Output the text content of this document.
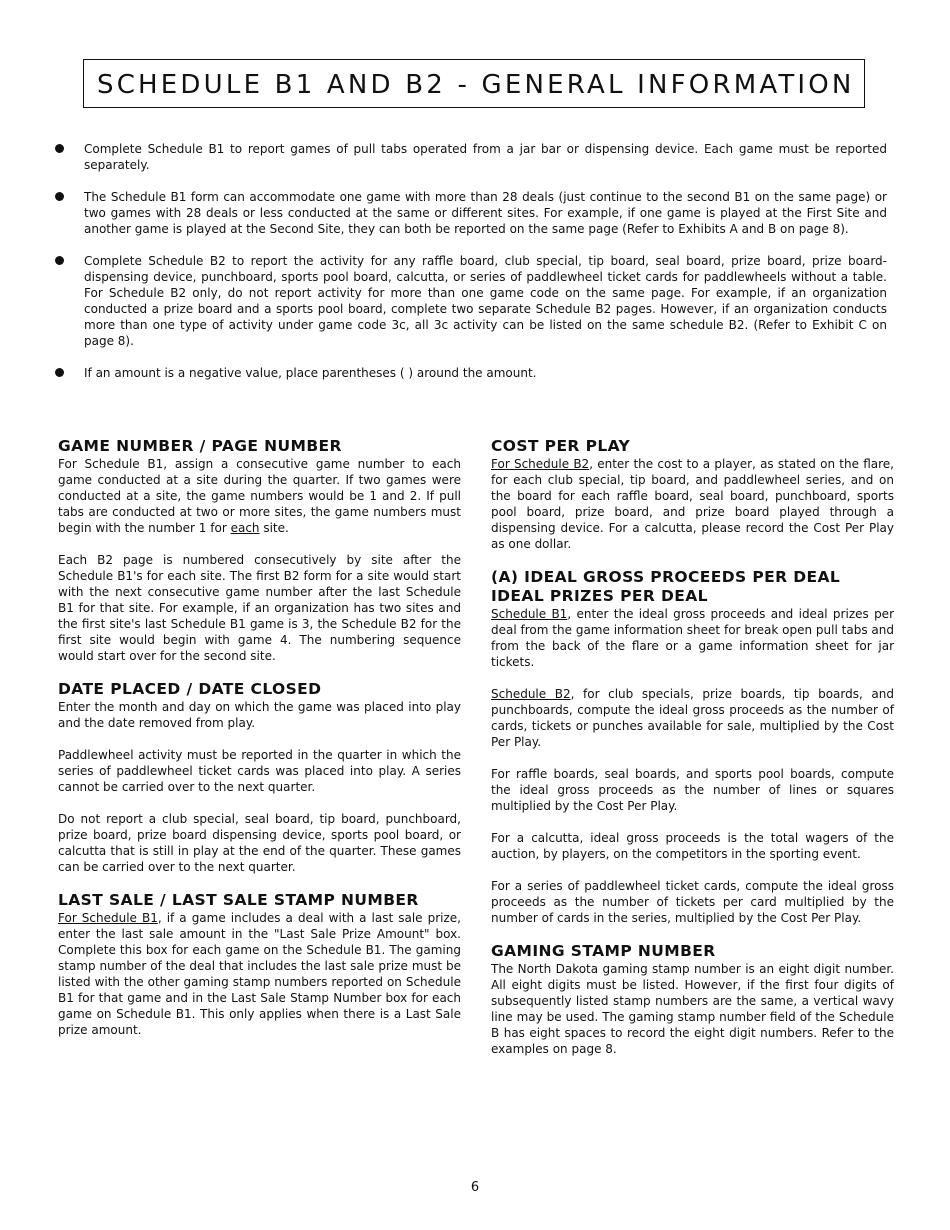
SCHEDULE B1 AND B2 - GENERAL INFORMATION

Complete Schedule B1 to report games of pull tabs operated from a jar bar or dispensing device. Each game must be reported separately.

The Schedule B1 form can accommodate one game with more than 28 deals (just continue to the second B1 on the same page) or two games with 28 deals or less conducted at the same or different sites. For example, if one game is played at the First Site and another game is played at the Second Site, they can both be reported on the same page (Refer to Exhibits A and B on page 8).

Complete Schedule B2 to report the activity for any raffle board, club special, tip board, seal board, prize board, prize board-dispensing device, punchboard, sports pool board, calcutta, or series of paddlewheel ticket cards for paddlewheels without a table. For Schedule B2 only, do not report activity for more than one game code on the same page. For example, if an organization conducted a prize board and a sports pool board, complete two separate Schedule B2 pages. However, if an organization conducts more than one type of activity under game code 3c, all 3c activity can be listed on the same schedule B2. (Refer to Exhibit C on page 8).

If an amount is a negative value, place parentheses ( ) around the amount.

GAME NUMBER / PAGE NUMBER

For Schedule B1, assign a consecutive game number to each game conducted at a site during the quarter. If two games were conducted at a site, the game numbers would be 1 and 2. If pull tabs are conducted at two or more sites, the game numbers must begin with the number 1 for each site.

Each B2 page is numbered consecutively by site after the Schedule B1's for each site. The first B2 form for a site would start with the next consecutive game number after the last Schedule B1 for that site. For example, if an organization has two sites and the first site's last Schedule B1 game is 3, the Schedule B2 for the first site would begin with game 4. The numbering sequence would start over for the second site.

DATE PLACED / DATE CLOSED

Enter the month and day on which the game was placed into play and the date removed from play.

Paddlewheel activity must be reported in the quarter in which the series of paddlewheel ticket cards was placed into play. A series cannot be carried over to the next quarter.

Do not report a club special, seal board, tip board, punchboard, prize board, prize board dispensing device, sports pool board, or calcutta that is still in play at the end of the quarter. These games can be carried over to the next quarter.

LAST SALE / LAST SALE STAMP NUMBER

For Schedule B1, if a game includes a deal with a last sale prize, enter the last sale amount in the "Last Sale Prize Amount" box. Complete this box for each game on the Schedule B1. The gaming stamp number of the deal that includes the last sale prize must be listed with the other gaming stamp numbers reported on Schedule B1 for that game and in the Last Sale Stamp Number box for each game on Schedule B1. This only applies when there is a Last Sale prize amount.

COST PER PLAY

For Schedule B2, enter the cost to a player, as stated on the flare, for each club special, tip board, and paddlewheel series, and on the board for each raffle board, seal board, punchboard, sports pool board, prize board, and prize board played through a dispensing device. For a calcutta, please record the Cost Per Play as one dollar.

(A) IDEAL GROSS PROCEEDS PER DEAL
IDEAL PRIZES PER DEAL

Schedule B1, enter the ideal gross proceeds and ideal prizes per deal from the game information sheet for break open pull tabs and from the back of the flare or a game information sheet for jar tickets.

Schedule B2, for club specials, prize boards, tip boards, and punchboards, compute the ideal gross proceeds as the number of cards, tickets or punches available for sale, multiplied by the Cost Per Play.

For raffle boards, seal boards, and sports pool boards, compute the ideal gross proceeds as the number of lines or squares multiplied by the Cost Per Play.

For a calcutta, ideal gross proceeds is the total wagers of the auction, by players, on the competitors in the sporting event.

For a series of paddlewheel ticket cards, compute the ideal gross proceeds as the number of tickets per card multiplied by the number of cards in the series, multiplied by the Cost Per Play.

GAMING STAMP NUMBER

The North Dakota gaming stamp number is an eight digit number. All eight digits must be listed. However, if the first four digits of subsequently listed stamp numbers are the same, a vertical wavy line may be used. The gaming stamp number field of the Schedule B has eight spaces to record the eight digit numbers. Refer to the examples on page 8.

6
